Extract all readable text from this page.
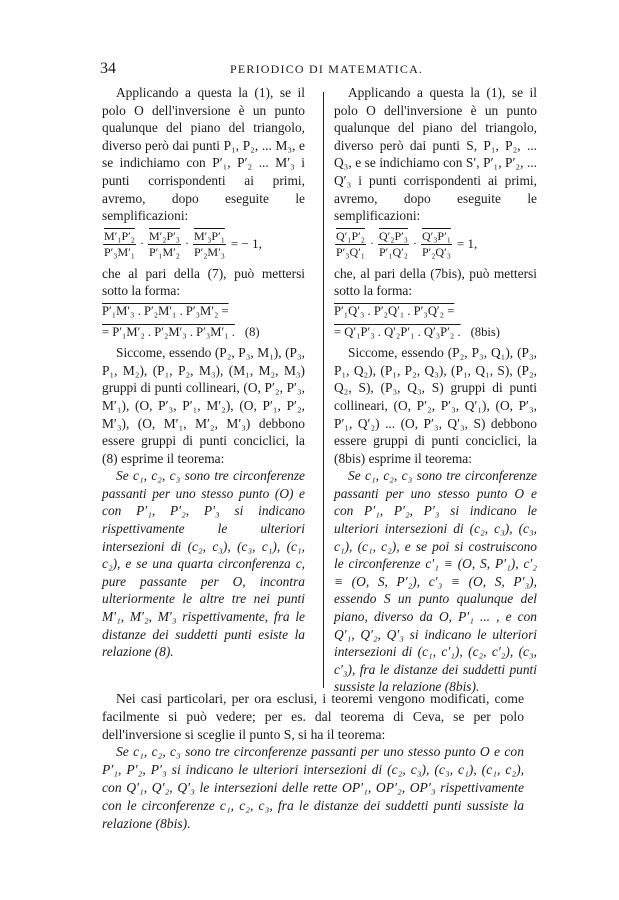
34	PERIODICO DI MATEMATICA.

Applicando a questa la (1), se il polo O dell'inversione è un punto qualunque del piano del triangolo, diverso però dai punti P₁, P₂, ... M₃, e se indichiamo con P′₁, P′₂ ... M′₃ i punti corrispondenti ai primi, avremo, dopo eseguite le semplificazioni:

$\frac{\text{M′₁P′₂}}{\text{P′₃M′₁}} \cdot \frac{\text{M′₂P′₃}}{\text{P′₁M′₂}} \cdot \frac{\text{M′₃P′₁}}{\text{P′₂M′₃}}$ = − 1,

che al pari della (7), può mettersi sotto la forma:

P′₁M′₃ . P′₂M′₁ . P′₃M′₂ =
= P′₁M′₂ . P′₂M′₃ . P′₃M′₁ . (8)

Siccome, essendo (P₂, P₃, M₁), (P₃, P₁, M₂), (P₁, P₂, M₃), (M₁, M₂, M₃) gruppi di punti collineari, (O, P′₂, P′₃, M′₁), (O, P′₃, P′₁, M′₂), (O, P′₁, P′₂, M′₃), (O, M′₁, M′₂, M′₃) debbono essere gruppi di punti conciclici, la (8) esprime il teorema:

Se c₁, c₂, c₃ sono tre circonferenze passanti per uno stesso punto (O) e con P′₁, P′₂, P′₃ si indicano rispettivamente le ulteriori intersezioni di (c₂, c₃), (c₃, c₁), (c₁, c₂), e se una quarta circonferenza c, pure passante per O, incontra ulteriormente le altre tre nei punti M′₁, M′₂, M′₃ rispettivamente, fra le distanze dei suddetti punti esiste la relazione (8).

Applicando a questa la (1), se il polo O dell'inversione è un punto qualunque del piano del triangolo, diverso però dai punti S, P₁, P₂, ... Q₃, e se indichiamo con S′, P′₁, P′₂, ... Q′₃ i punti corrispondenti ai primi, avremo, dopo eseguite le semplificazioni:

$\frac{\text{Q′₁P′₂}}{\text{P′₃Q′₁}} \cdot \frac{\text{Q′₂P′₃}}{\text{P′₁Q′₂}} \cdot \frac{\text{Q′₃P′₁}}{\text{P′₂Q′₃}} = 1$,

che, al pari della (7bis), può mettersi sotto la forma:

P′₁Q′₃ . P′₂Q′₁ . P′₃Q′₂ =
= Q′₁P′₃ . Q′₂P′₁ . Q′₃P′₂ . (8bis)

Siccome, essendo (P₂, P₃, Q₁), (P₃, P₁, Q₂), (P₁, P₂, Q₃), (P₁, Q₁, S), (P₂, Q₂, S), (P₃, Q₃, S) gruppi di punti collineari, (O, P′₂, P′₃, Q′₁), (O, P′₃, P′₁, Q′₂) ... (O, P′₃, Q′₃, S) debbono essere gruppi di punti conciclici, la (8bis) esprime il teorema:

Se c₁, c₂, c₃ sono tre circonferenze passanti per uno stesso punto O e con P′₁, P′₂, P′₃ si indicano le ulteriori intersezioni di (c₂, c₃), (c₃, c₁), (c₁, c₂), e se poi si costruiscono le circonferenze c′₁ ≡ (O, S, P′₁), c′₂ ≡ (O, S, P′₂), c′₃ ≡ (O, S, P′₃), essendo S un punto qualunque del piano, diverso da O, P′₁ ... , e con Q′₁, Q′₂, Q′₃ si indicano le ulteriori intersezioni di (c₁, c′₁), (c₂, c′₂), (c₃, c′₃), fra le distanze dei suddetti punti sussiste la relazione (8bis).

Nei casi particolari, per ora esclusi, i teoremi vengono modificati, come facilmente si può vedere; per es. dal teorema di Ceva, se per polo dell'inversione si sceglie il punto S, si ha il teorema:

Se c₁, c₂, c₃ sono tre circonferenze passanti per uno stesso punto O e con P′₁, P′₂, P′₃ si indicano le ulteriori intersezioni di (c₂, c₃), (c₃, c₁), (c₁, c₂), con Q′₁, Q′₂, Q′₃ le intersezioni delle rette OP′₁, OP′₂, OP′₃ rispettivamente con le circonferenze c₁, c₂, c₃, fra le distanze dei suddetti punti sussiste la relazione (8bis).
